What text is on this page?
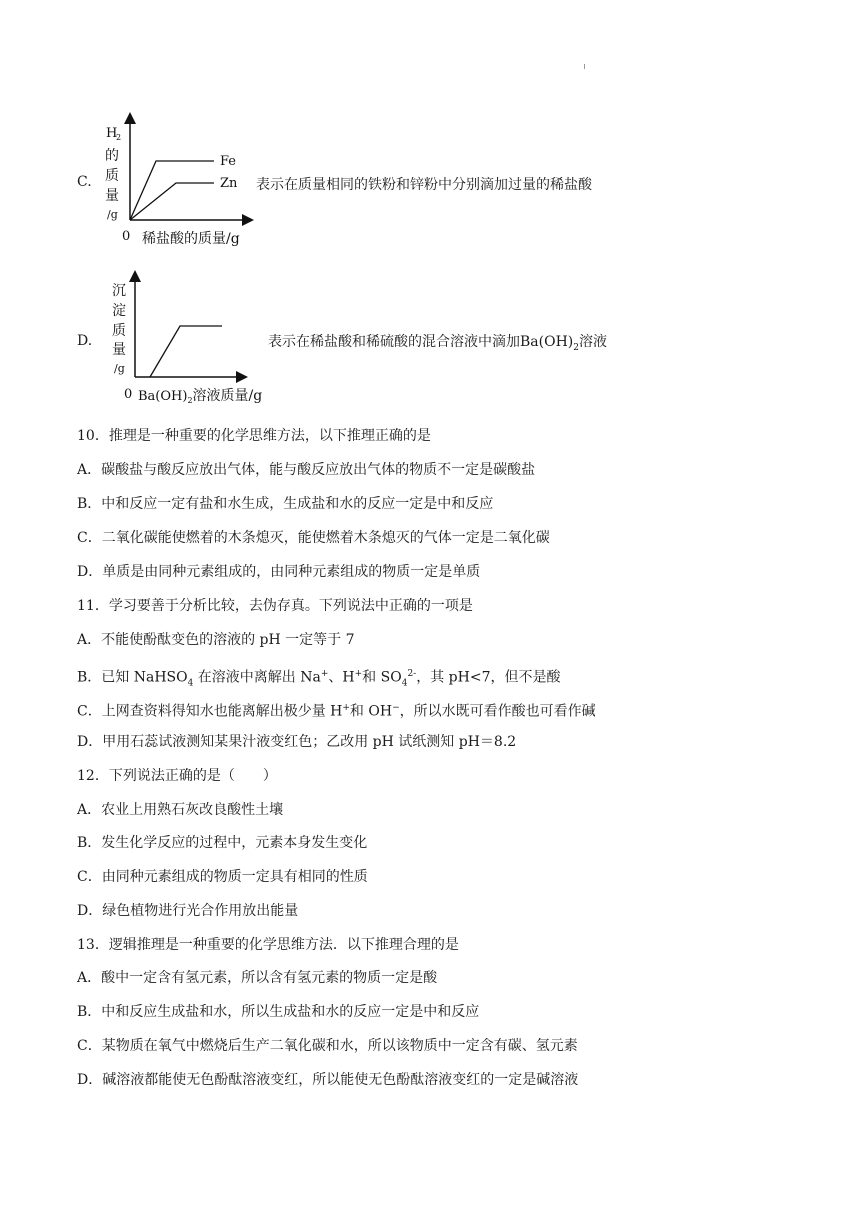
C.
H
2
的
质
量
/g
Fe
Zn
0 稀盐酸的质量/g
表示在质量相同的铁粉和锌粉中分别滴加过量的稀盐酸
D.
沉
淀
质
量
/g
0 $Ba(OH)_2$溶液质量/g
表示在稀盐酸和稀硫酸的混合溶液中滴加$Ba(OH)_2$溶液
10．推理是一种重要的化学思维方法，以下推理正确的是
A．碳酸盐与酸反应放出气体，能与酸反应放出气体的物质不一定是碳酸盐
B．中和反应一定有盐和水生成，生成盐和水的反应一定是中和反应
C．二氧化碳能使燃着的木条熄灭，能使燃着木条熄灭的气体一定是二氧化碳
D．单质是由同种元素组成的，由同种元素组成的物质一定是单质
11．学习要善于分析比较，去伪存真。下列说法中正确的一项是
A．不能使酚酞变色的溶液的 pH 一定等于 7
B．已知 NaHSO$_4$ 在溶液中离解出 Na+、H+和 $SO_4^{2-}$，其 pH<7，但不是酸
C．上网查资料得知水也能离解出极少量 H+和 OH−，所以水既可看作酸也可看作碱
D．甲用石蕊试液测知某果汁液变红色；乙改用 pH 试纸测知 pH＝8.2
12．下列说法正确的是（　　）
A．农业上用熟石灰改良酸性土壤
B．发生化学反应的过程中，元素本身发生变化
C．由同种元素组成的物质一定具有相同的性质
D．绿色植物进行光合作用放出能量
13．逻辑推理是一种重要的化学思维方法．以下推理合理的是
A．酸中一定含有氢元素，所以含有氢元素的物质一定是酸
B．中和反应生成盐和水，所以生成盐和水的反应一定是中和反应
C．某物质在氧气中燃烧后生产二氧化碳和水，所以该物质中一定含有碳、氢元素
D．碱溶液都能使无色酚酞溶液变红，所以能使无色酚酞溶液变红的一定是碱溶液
